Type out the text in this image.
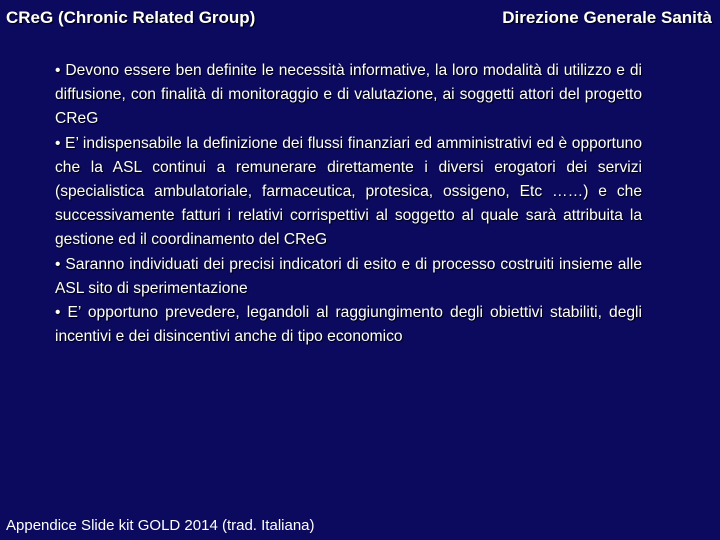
CReG (Chronic Related Group)	Direzione Generale Sanità

• Devono essere ben definite le necessità informative, la loro modalità di utilizzo e di diffusione, con finalità di monitoraggio e di valutazione, ai soggetti attori del progetto CReG

• E’ indispensabile la definizione dei flussi finanziari ed amministrativi ed è opportuno che la ASL continui a remunerare direttamente i diversi erogatori dei servizi (specialistica ambulatoriale, farmaceutica, protesica, ossigeno, Etc ……) e che successivamente fatturi i relativi corrispettivi al soggetto al quale sarà attribuita la gestione ed il coordinamento del CReG

• Saranno individuati dei precisi indicatori di esito e di processo costruiti insieme alle ASL sito di sperimentazione

• E’ opportuno prevedere, legandoli al raggiungimento degli obiettivi stabiliti, degli incentivi e dei disincentivi anche di tipo economico

Appendice Slide kit GOLD 2014 (trad. Italiana)
